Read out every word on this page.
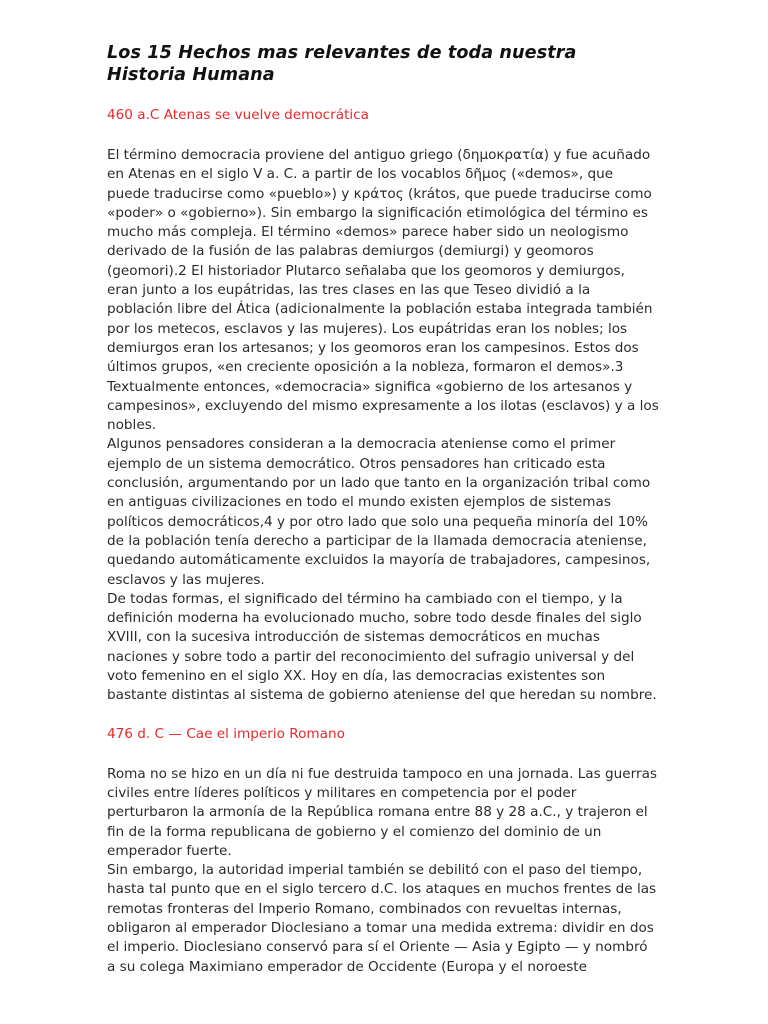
Los 15 Hechos mas relevantes de toda nuestra Historia Humana

460 a.C Atenas se vuelve democrática

El término democracia proviene del antiguo griego (δημοκρατία) y fue acuñado en Atenas en el siglo V a. C. a partir de los vocablos δῆμος («demos», que puede traducirse como «pueblo») y κράτος (krátos, que puede traducirse como «poder» o «gobierno»). Sin embargo la significación etimológica del término es mucho más compleja. El término «demos» parece haber sido un neologismo derivado de la fusión de las palabras demiurgos (demiurgi) y geomoros (geomori).2 El historiador Plutarco señalaba que los geomoros y demiurgos, eran junto a los eupátridas, las tres clases en las que Teseo dividió a la población libre del Ática (adicionalmente la población estaba integrada también por los metecos, esclavos y las mujeres). Los eupátridas eran los nobles; los demiurgos eran los artesanos; y los geomoros eran los campesinos. Estos dos últimos grupos, «en creciente oposición a la nobleza, formaron el demos».3 Textualmente entonces, «democracia» significa «gobierno de los artesanos y campesinos», excluyendo del mismo expresamente a los ilotas (esclavos) y a los nobles.

Algunos pensadores consideran a la democracia ateniense como el primer ejemplo de un sistema democrático. Otros pensadores han criticado esta conclusión, argumentando por un lado que tanto en la organización tribal como en antiguas civilizaciones en todo el mundo existen ejemplos de sistemas políticos democráticos,4 y por otro lado que solo una pequeña minoría del 10% de la población tenía derecho a participar de la llamada democracia ateniense, quedando automáticamente excluidos la mayoría de trabajadores, campesinos, esclavos y las mujeres.

De todas formas, el significado del término ha cambiado con el tiempo, y la definición moderna ha evolucionado mucho, sobre todo desde finales del siglo XVIII, con la sucesiva introducción de sistemas democráticos en muchas naciones y sobre todo a partir del reconocimiento del sufragio universal y del voto femenino en el siglo XX. Hoy en día, las democracias existentes son bastante distintas al sistema de gobierno ateniense del que heredan su nombre.

476 d. C — Cae el imperio Romano

Roma no se hizo en un día ni fue destruida tampoco en una jornada. Las guerras civiles entre líderes políticos y militares en competencia por el poder perturbaron la armonía de la República romana entre 88 y 28 a.C., y trajeron el fin de la forma republicana de gobierno y el comienzo del dominio de un emperador fuerte.

Sin embargo, la autoridad imperial también se debilitó con el paso del tiempo, hasta tal punto que en el siglo tercero d.C. los ataques en muchos frentes de las remotas fronteras del Imperio Romano, combinados con revueltas internas, obligaron al emperador Dioclesiano a tomar una medida extrema: dividir en dos el imperio. Dioclesiano conservó para sí el Oriente — Asia y Egipto — y nombró a su colega Maximiano emperador de Occidente (Europa y el noroeste
